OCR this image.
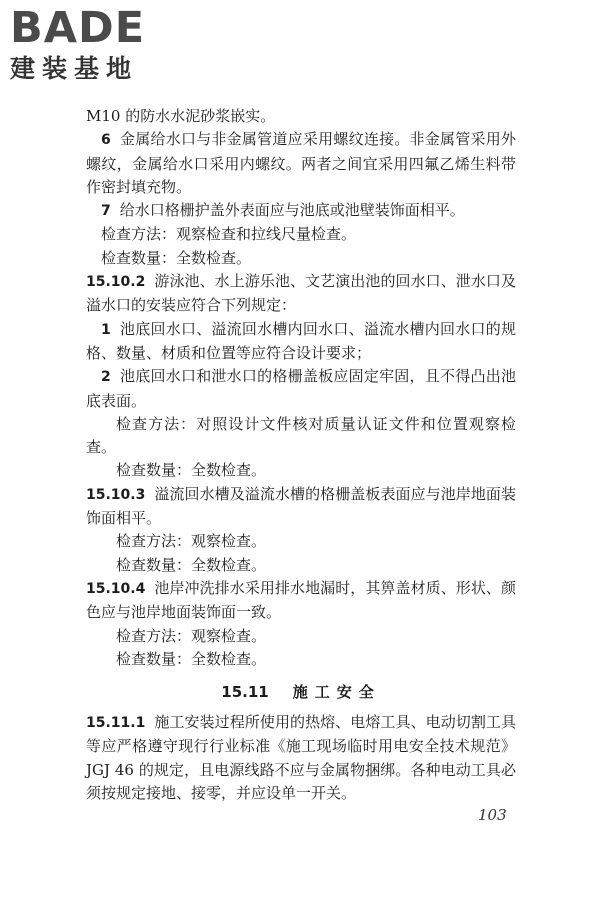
BADE
建装基地

M10 的防水水泥砂浆嵌实。

6 金属给水口与非金属管道应采用螺纹连接。非金属管采用外螺纹，金属给水口采用内螺纹。两者之间宜采用四氟乙烯生料带作密封填充物。

7 给水口格栅护盖外表面应与池底或池壁装饰面相平。

检查方法：观察检查和拉线尺量检查。

检查数量：全数检查。

15.10.2 游泳池、水上游乐池、文艺演出池的回水口、泄水口及溢水口的安装应符合下列规定：

1 池底回水口、溢流回水槽内回水口、溢流水槽内回水口的规格、数量、材质和位置等应符合设计要求；

2 池底回水口和泄水口的格栅盖板应固定牢固，且不得凸出池底表面。

检查方法：对照设计文件核对质量认证文件和位置观察检查。

检查数量：全数检查。

15.10.3 溢流回水槽及溢流水槽的格栅盖板表面应与池岸地面装饰面相平。

检查方法：观察检查。

检查数量：全数检查。

15.10.4 池岸冲洗排水采用排水地漏时，其箅盖材质、形状、颜色应与池岸地面装饰面一致。

检查方法：观察检查。

检查数量：全数检查。

15.11 施工安全

15.11.1 施工安装过程所使用的热熔、电熔工具、电动切割工具等应严格遵守现行行业标准《施工现场临时用电安全技术规范》JGJ 46 的规定，且电源线路不应与金属物捆绑。各种电动工具必须按规定接地、接零，并应设单一开关。

103
